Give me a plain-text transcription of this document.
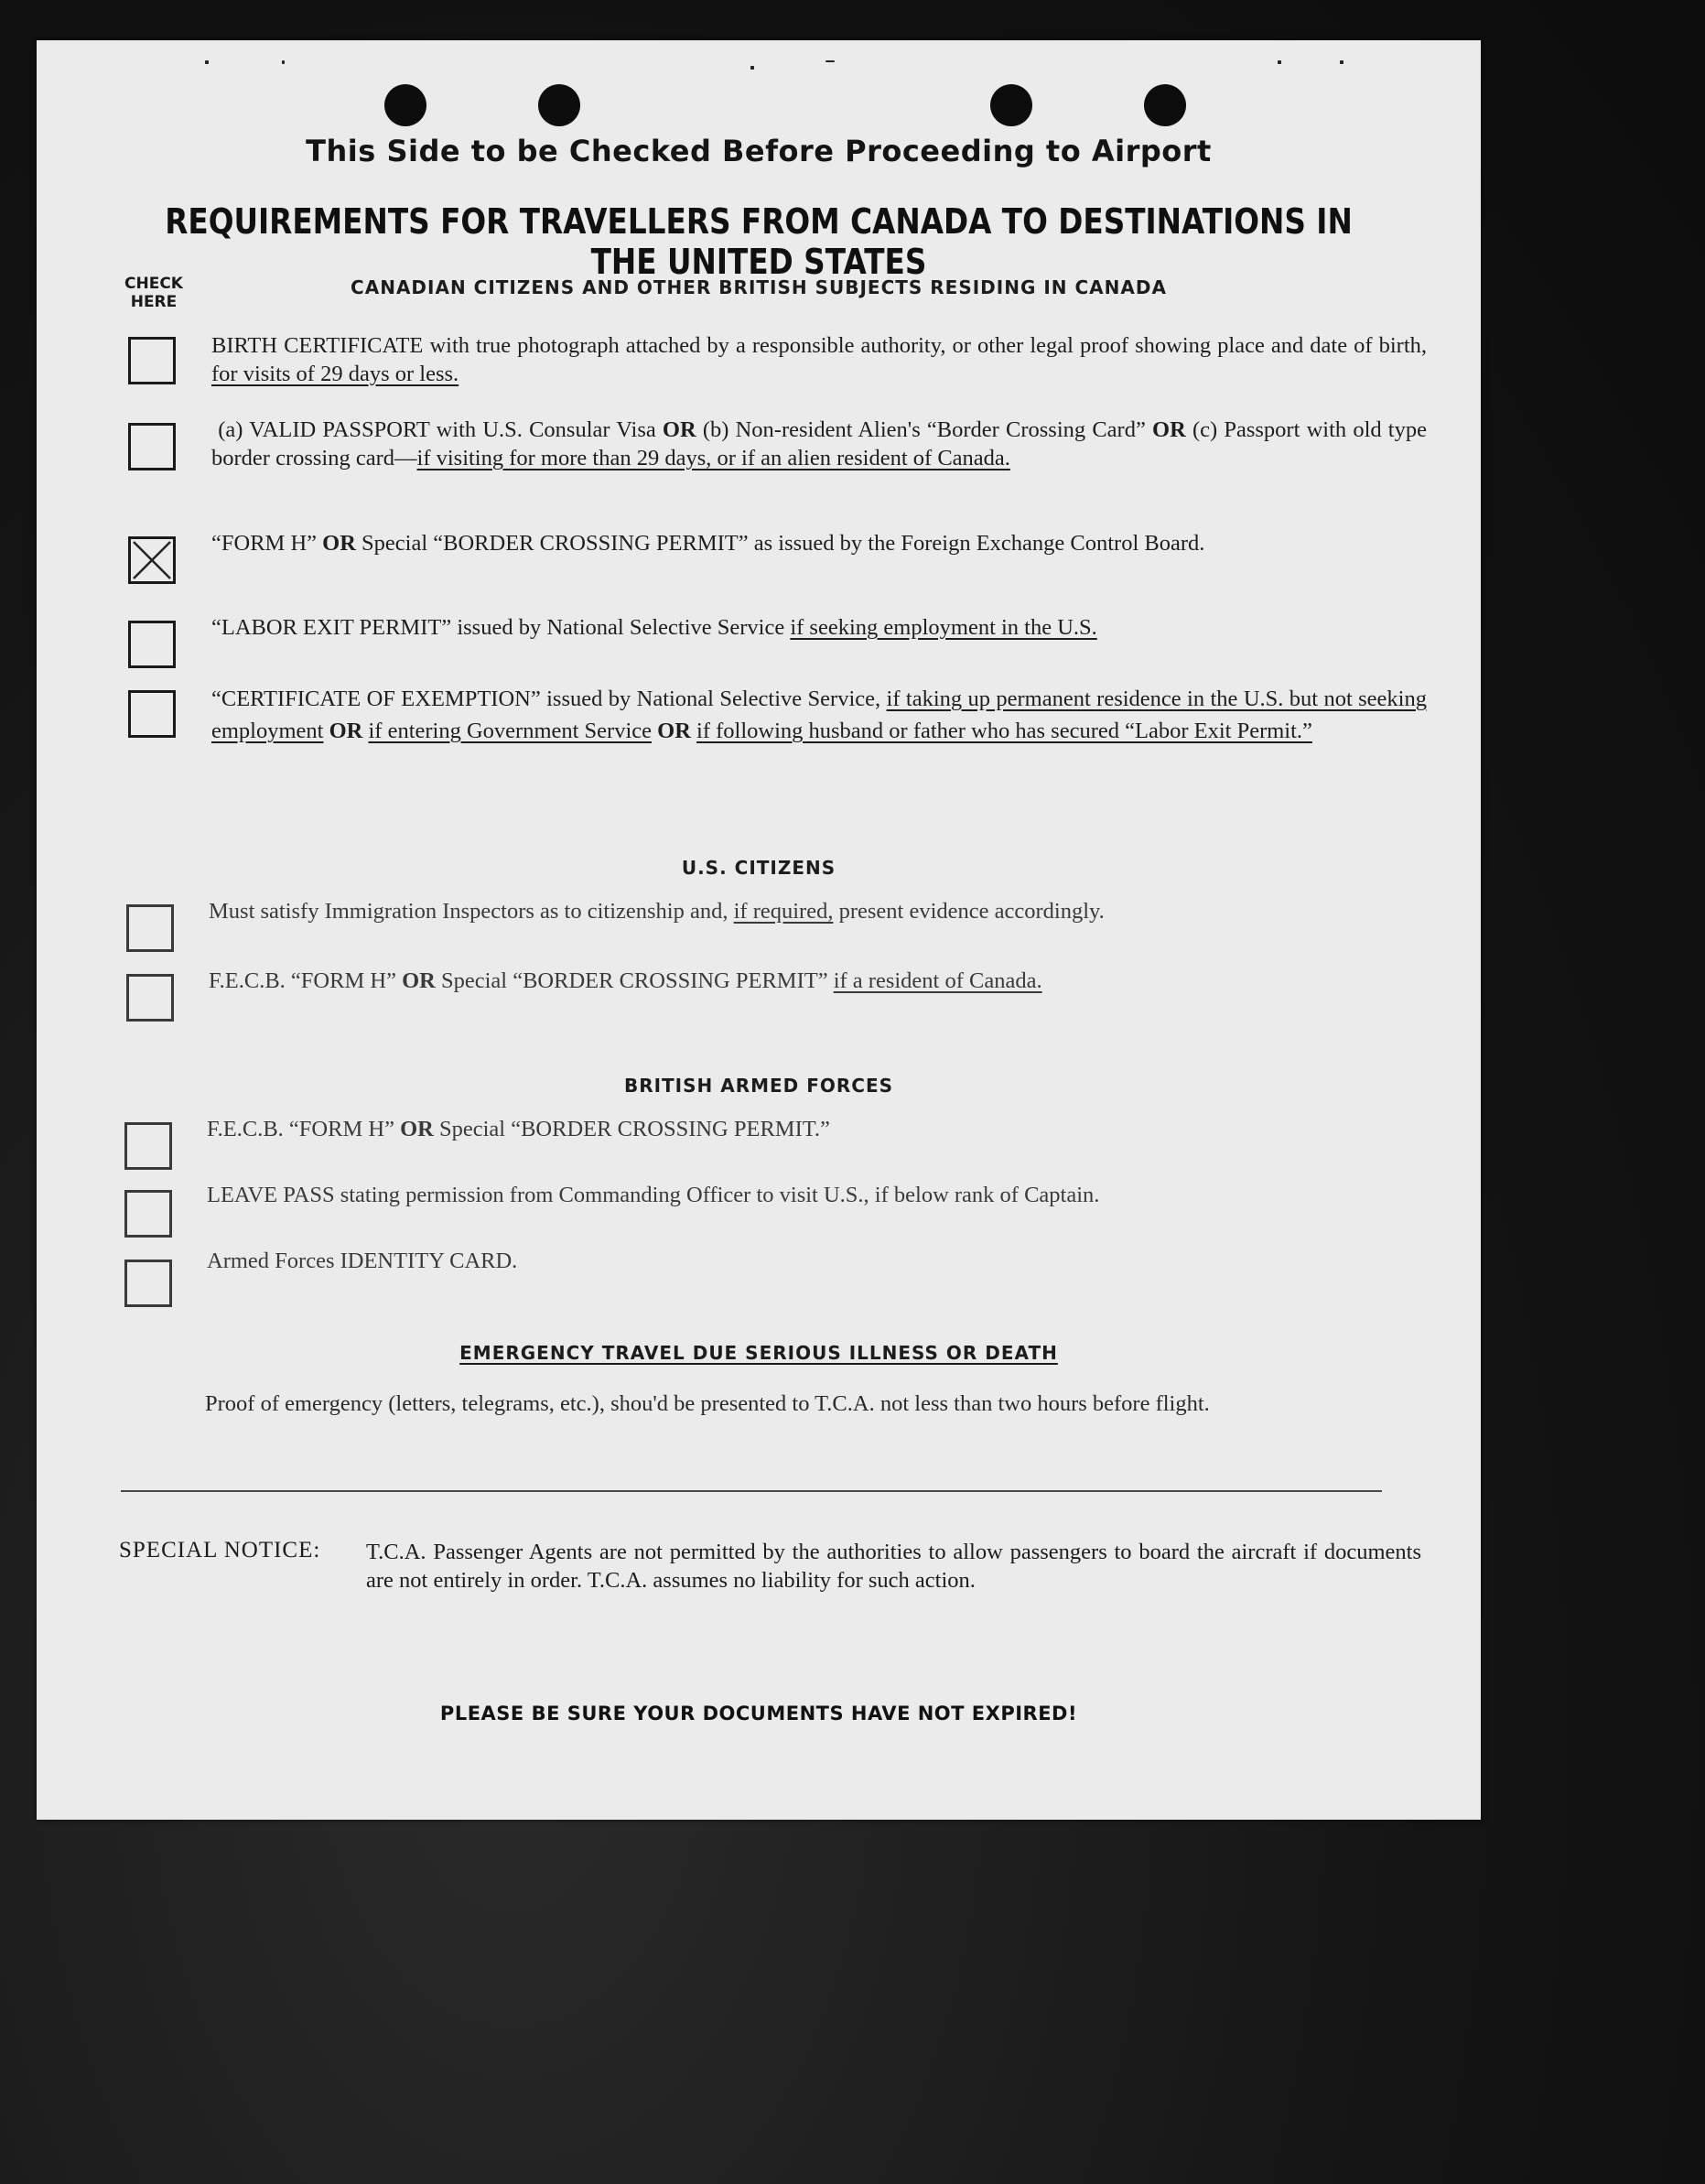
This Side to be Checked Before Proceeding to Airport
REQUIREMENTS FOR TRAVELLERS FROM CANADA TO DESTINATIONS IN THE UNITED STATES
CHECK HERE
CANADIAN CITIZENS AND OTHER BRITISH SUBJECTS RESIDING IN CANADA
BIRTH CERTIFICATE with true photograph attached by a responsible authority, or other legal proof showing place and date of birth, for visits of 29 days or less.
(a) VALID PASSPORT with U.S. Consular Visa OR (b) Non-resident Alien's “Border Crossing Card” OR (c) Passport with old type border crossing card—if visiting for more than 29 days, or if an alien resident of Canada.
“FORM H” OR Special “BORDER CROSSING PERMIT” as issued by the Foreign Exchange Control Board.
“LABOR EXIT PERMIT” issued by National Selective Service if seeking employment in the U.S.
“CERTIFICATE OF EXEMPTION” issued by National Selective Service, if taking up permanent residence in the U.S. but not seeking employment OR if entering Government Service OR if following husband or father who has secured “Labor Exit Permit.”
U.S. CITIZENS
Must satisfy Immigration Inspectors as to citizenship and, if required, present evidence accordingly.
F.E.C.B. “FORM H” OR Special “BORDER CROSSING PERMIT” if a resident of Canada.
BRITISH ARMED FORCES
F.E.C.B. “FORM H” OR Special “BORDER CROSSING PERMIT.”
LEAVE PASS stating permission from Commanding Officer to visit U.S., if below rank of Captain.
Armed Forces IDENTITY CARD.
EMERGENCY TRAVEL DUE SERIOUS ILLNESS OR DEATH
Proof of emergency (letters, telegrams, etc.), shou'd be presented to T.C.A. not less than two hours before flight.
SPECIAL NOTICE: T.C.A. Passenger Agents are not permitted by the authorities to allow passengers to board the aircraft if documents are not entirely in order. T.C.A. assumes no liability for such action.
PLEASE BE SURE YOUR DOCUMENTS HAVE NOT EXPIRED!
